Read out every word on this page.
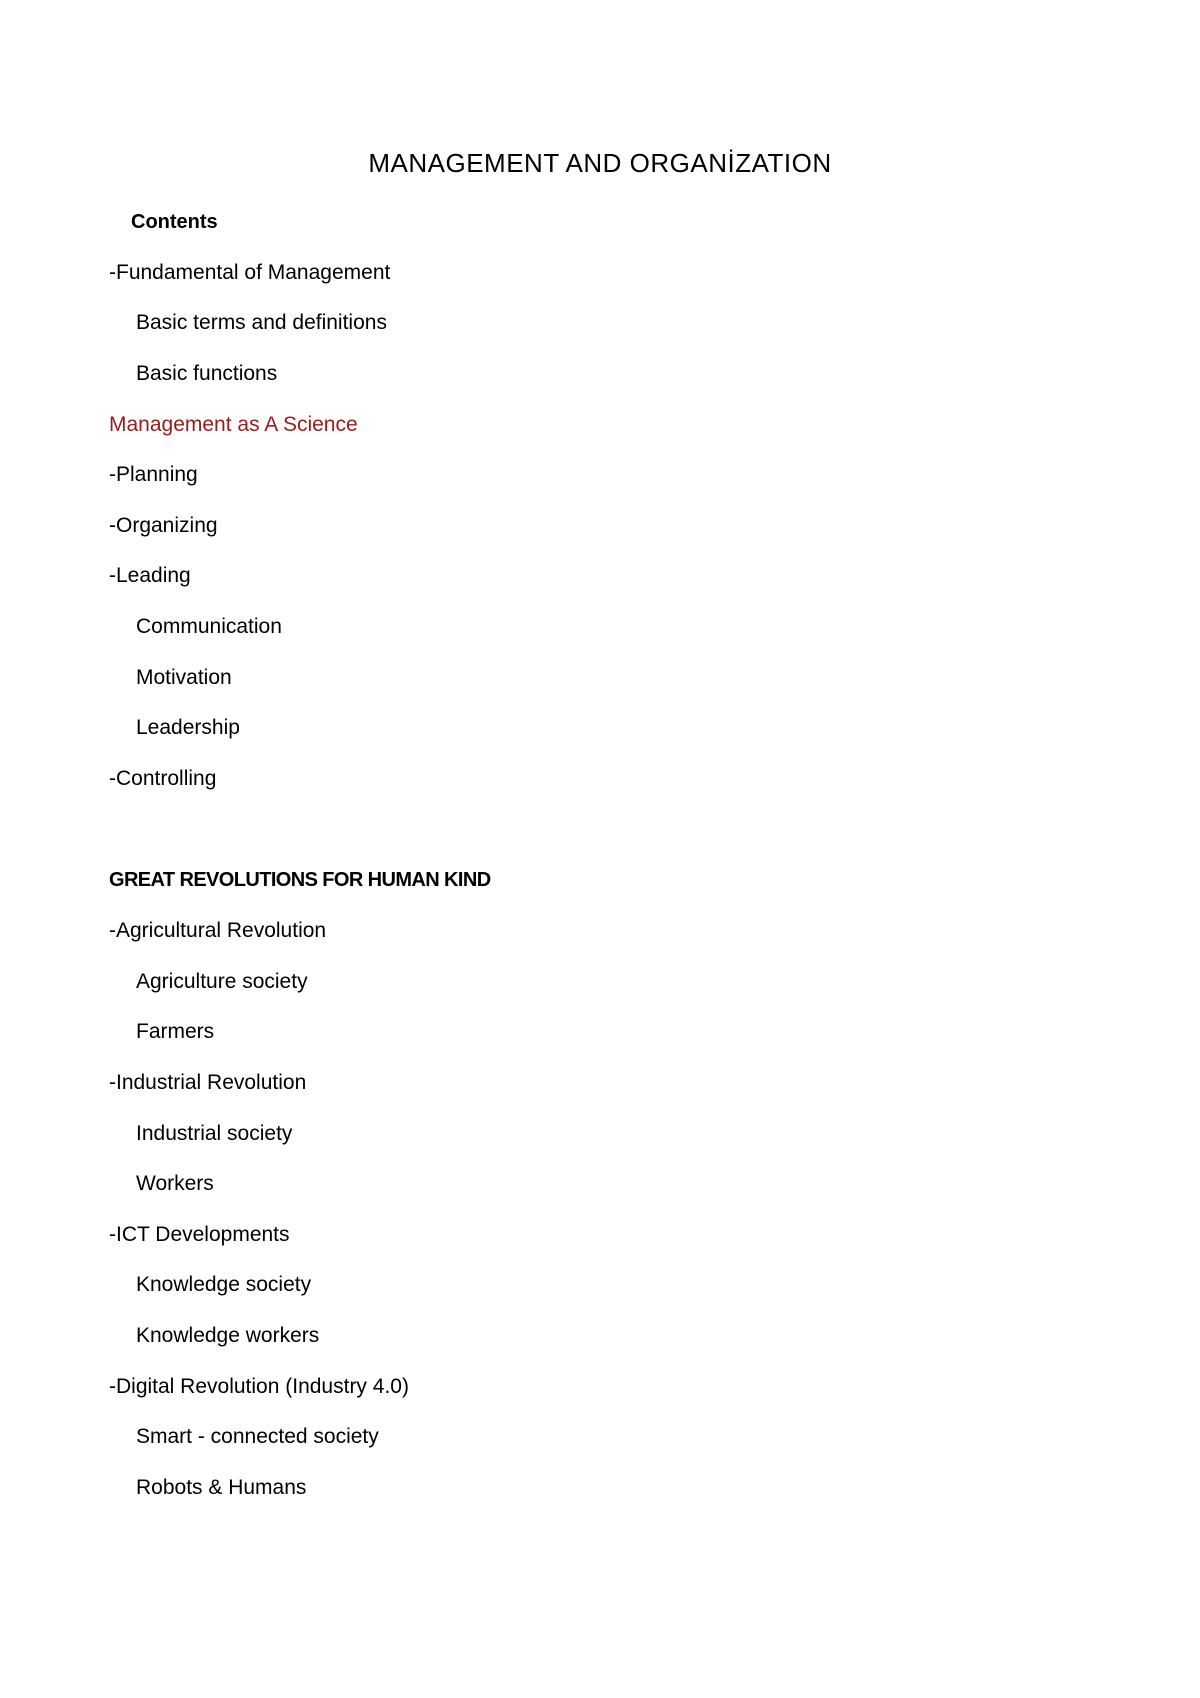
MANAGEMENT AND ORGANİZATION
Contents
-Fundamental of Management
Basic terms and definitions
Basic functions
Management as A Science
-Planning
-Organizing
-Leading
Communication
Motivation
Leadership
-Controlling
GREAT REVOLUTIONS FOR HUMAN KIND
-Agricultural Revolution
Agriculture society
Farmers
-Industrial Revolution
Industrial society
Workers
-ICT Developments
Knowledge society
Knowledge workers
-Digital Revolution (Industry 4.0)
Smart - connected society
Robots & Humans
